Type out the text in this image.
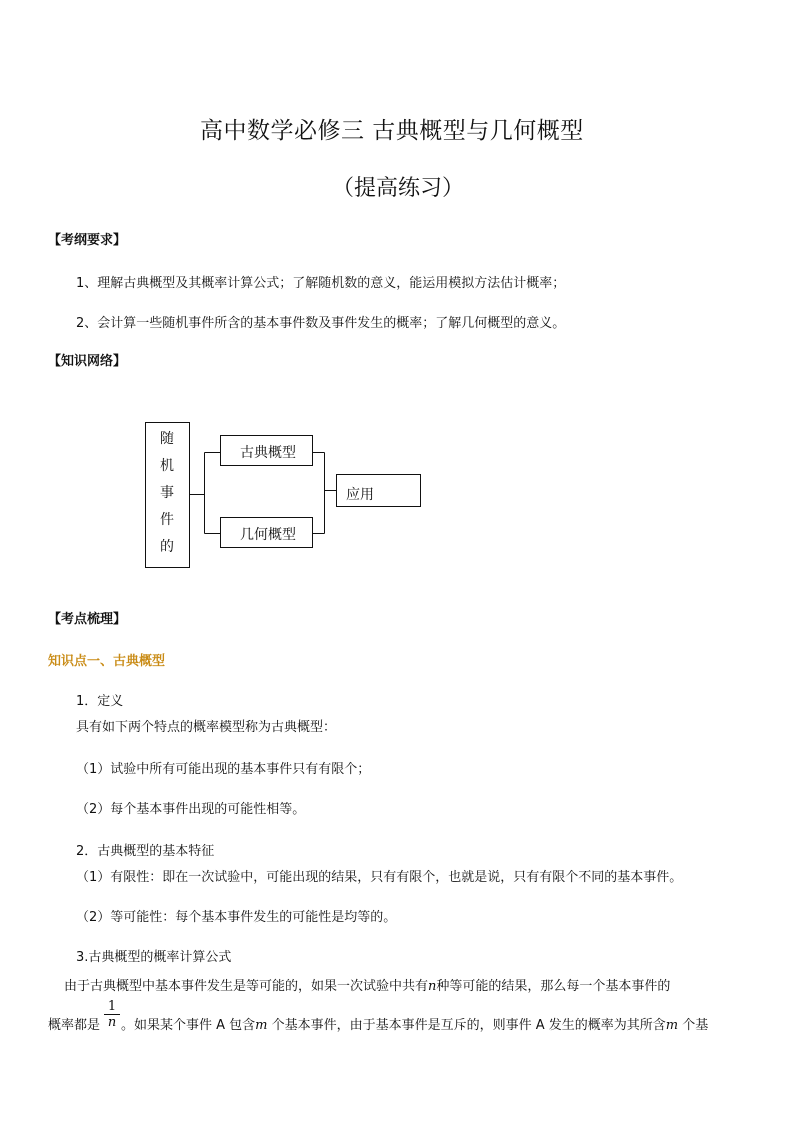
高中数学必修三 古典概型与几何概型
（提高练习）
【考纲要求】
1、理解古典概型及其概率计算公式；了解随机数的意义，能运用模拟方法估计概率；
2、会计算一些随机事件所含的基本事件数及事件发生的概率；了解几何概型的意义。
【知识网络】
随
机
事
件
的
古典概型
几何概型
应用
【考点梳理】
知识点一、古典概型
1．定义
具有如下两个特点的概率模型称为古典概型：
（1）试验中所有可能出现的基本事件只有有限个；
（2）每个基本事件出现的可能性相等。
2．古典概型的基本特征
（1）有限性：即在一次试验中，可能出现的结果，只有有限个，也就是说，只有有限个不同的基本事件。
（2）等可能性：每个基本事件发生的可能性是均等的。
3.古典概型的概率计算公式
由于古典概型中基本事件发生是等可能的，如果一次试验中共有n种等可能的结果，那么每一个基本事件的
概率都是 $\frac{1}{n}$ 。如果某个事件 A 包含m 个基本事件，由于基本事件是互斥的，则事件 A 发生的概率为其所含m 个基
